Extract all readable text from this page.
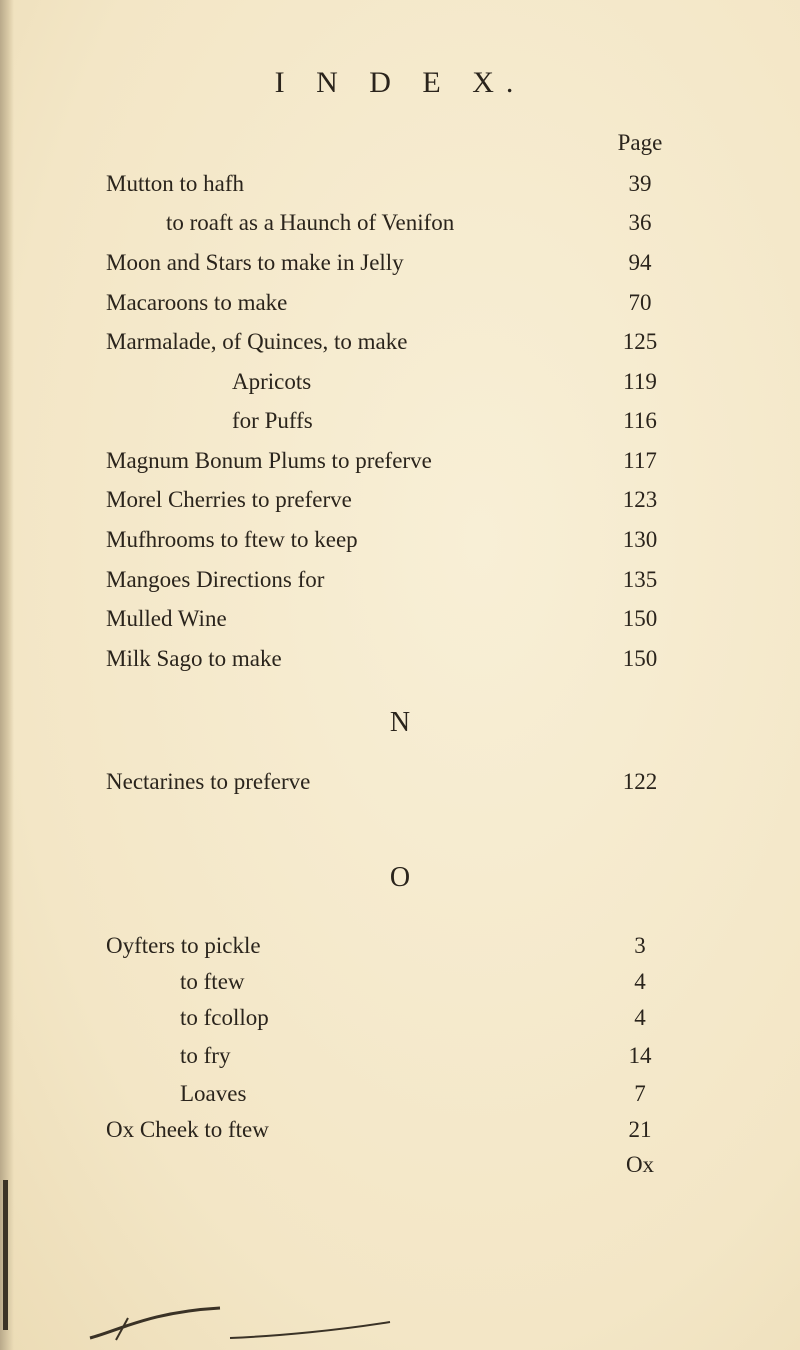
I N D E X.
Page
Mutton to hafh	39
to roaft as a Haunch of Venifon	36
Moon and Stars to make in Jelly	94
Macaroons to make	70
Marmalade, of Quinces, to make	125
Apricots	119
for Puffs	116
Magnum Bonum Plums to preferve	117
Morel Cherries to preferve	123
Mufhrooms to ftew to keep	130
Mangoes Directions for	135
Mulled Wine	150
Milk Sago to make	150
N
Nectarines to preferve	122
O
Oyfters to pickle	3
to ftew	4
to fcollop	4
to fry	14
Loaves	7
Ox Cheek to ftew	21
Ox
